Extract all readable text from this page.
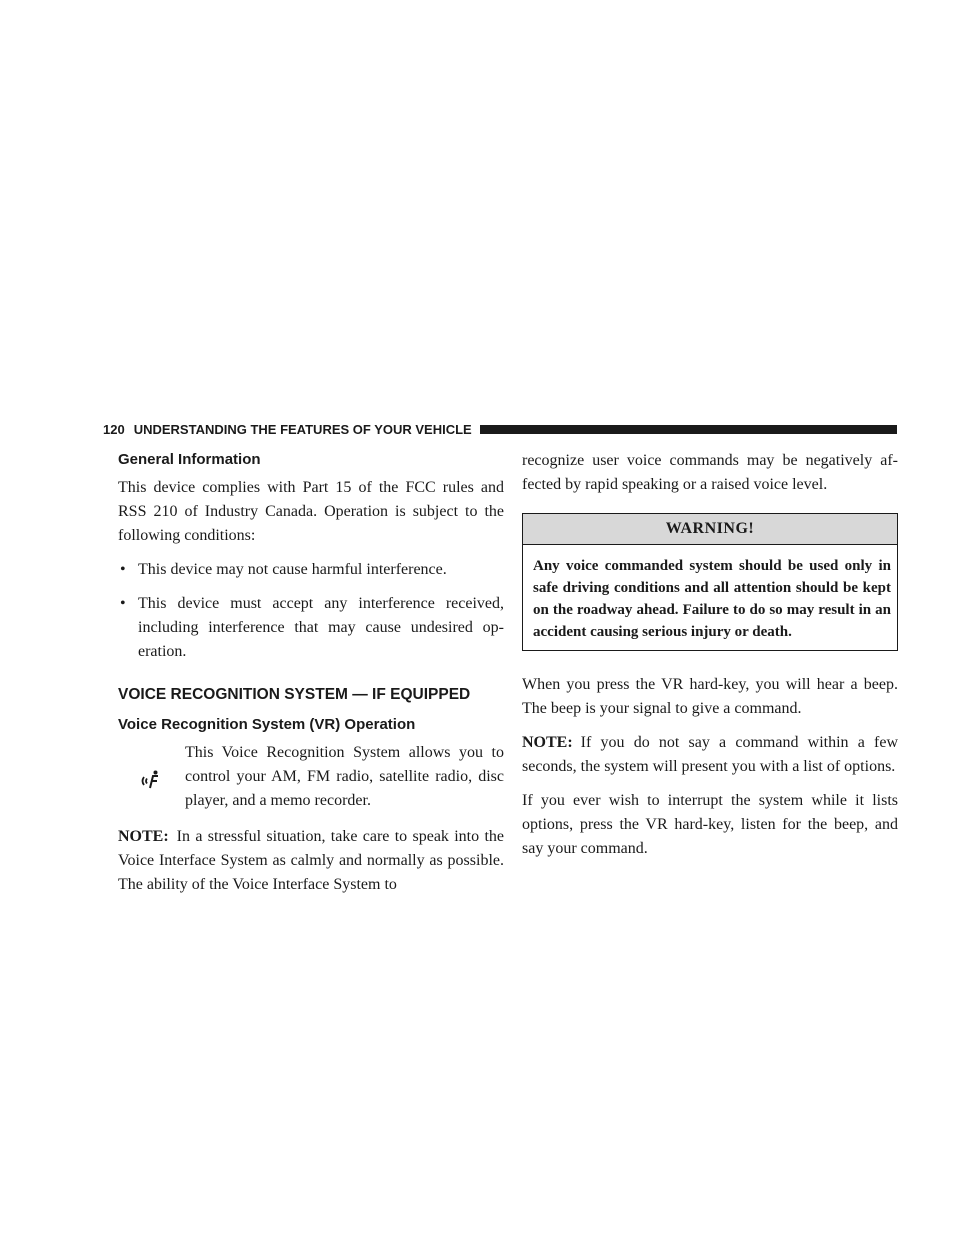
120 UNDERSTANDING THE FEATURES OF YOUR VEHICLE
General Information

This device complies with Part 15 of the FCC rules and RSS 210 of Industry Canada. Operation is subject to the following conditions:

• This device may not cause harmful interference.
• This device must accept any interference received, including interference that may cause undesired op-eration.
VOICE RECOGNITION SYSTEM — IF EQUIPPED
Voice Recognition System (VR) Operation

This Voice Recognition System allows you to control your AM, FM radio, satellite radio, disc player, and a memo recorder.

NOTE: In a stressful situation, take care to speak into the Voice Interface System as calmly and normally as possible. The ability of the Voice Interface System to

recognize user voice commands may be negatively af-fected by rapid speaking or a raised voice level.

WARNING!
Any voice commanded system should be used only in safe driving conditions and all attention should be kept on the roadway ahead. Failure to do so may result in an accident causing serious injury or death.

When you press the VR hard-key, you will hear a beep. The beep is your signal to give a command.

NOTE: If you do not say a command within a few seconds, the system will present you with a list of options.

If you ever wish to interrupt the system while it lists options, press the VR hard-key, listen for the beep, and say your command.
